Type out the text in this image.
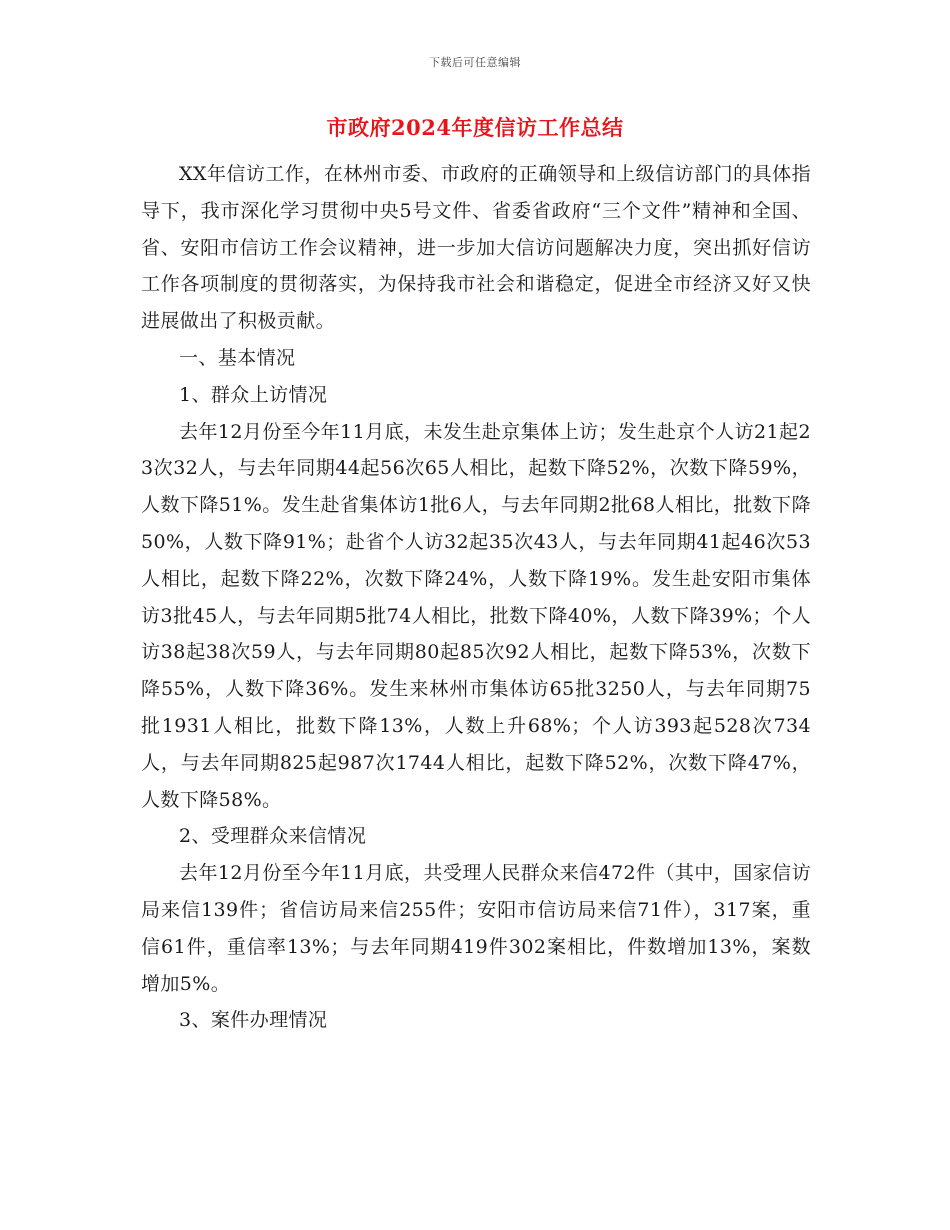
下载后可任意编辑
市政府2024年度信访工作总结

XX年信访工作，在林州市委、市政府的正确领导和上级信访部门的具体指导下，我市深化学习贯彻中央5号文件、省委省政府“三个文件”精神和全国、省、安阳市信访工作会议精神，进一步加大信访问题解决力度，突出抓好信访工作各项制度的贯彻落实，为保持我市社会和谐稳定，促进全市经济又好又快进展做出了积极贡献。

一、基本情况

1、群众上访情况

去年12月份至今年11月底，未发生赴京集体上访；发生赴京个人访21起23次32人，与去年同期44起56次65人相比，起数下降52%，次数下降59%，人数下降51%。发生赴省集体访1批6人，与去年同期2批68人相比，批数下降50%，人数下降91%；赴省个人访32起35次43人，与去年同期41起46次53人相比，起数下降22%，次数下降24%，人数下降19%。发生赴安阳市集体访3批45人，与去年同期5批74人相比，批数下降40%，人数下降39%；个人访38起38次59人，与去年同期80起85次92人相比，起数下降53%，次数下降55%，人数下降36%。发生来林州市集体访65批3250人，与去年同期75批1931人相比，批数下降13%，人数上升68%；个人访393起528次734人，与去年同期825起987次1744人相比，起数下降52%，次数下降47%，人数下降58%。

2、受理群众来信情况

去年12月份至今年11月底，共受理人民群众来信472件（其中，国家信访局来信139件；省信访局来信255件；安阳市信访局来信71件），317案，重信61件，重信率13%；与去年同期419件302案相比，件数增加13%，案数增加5%。

3、案件办理情况
